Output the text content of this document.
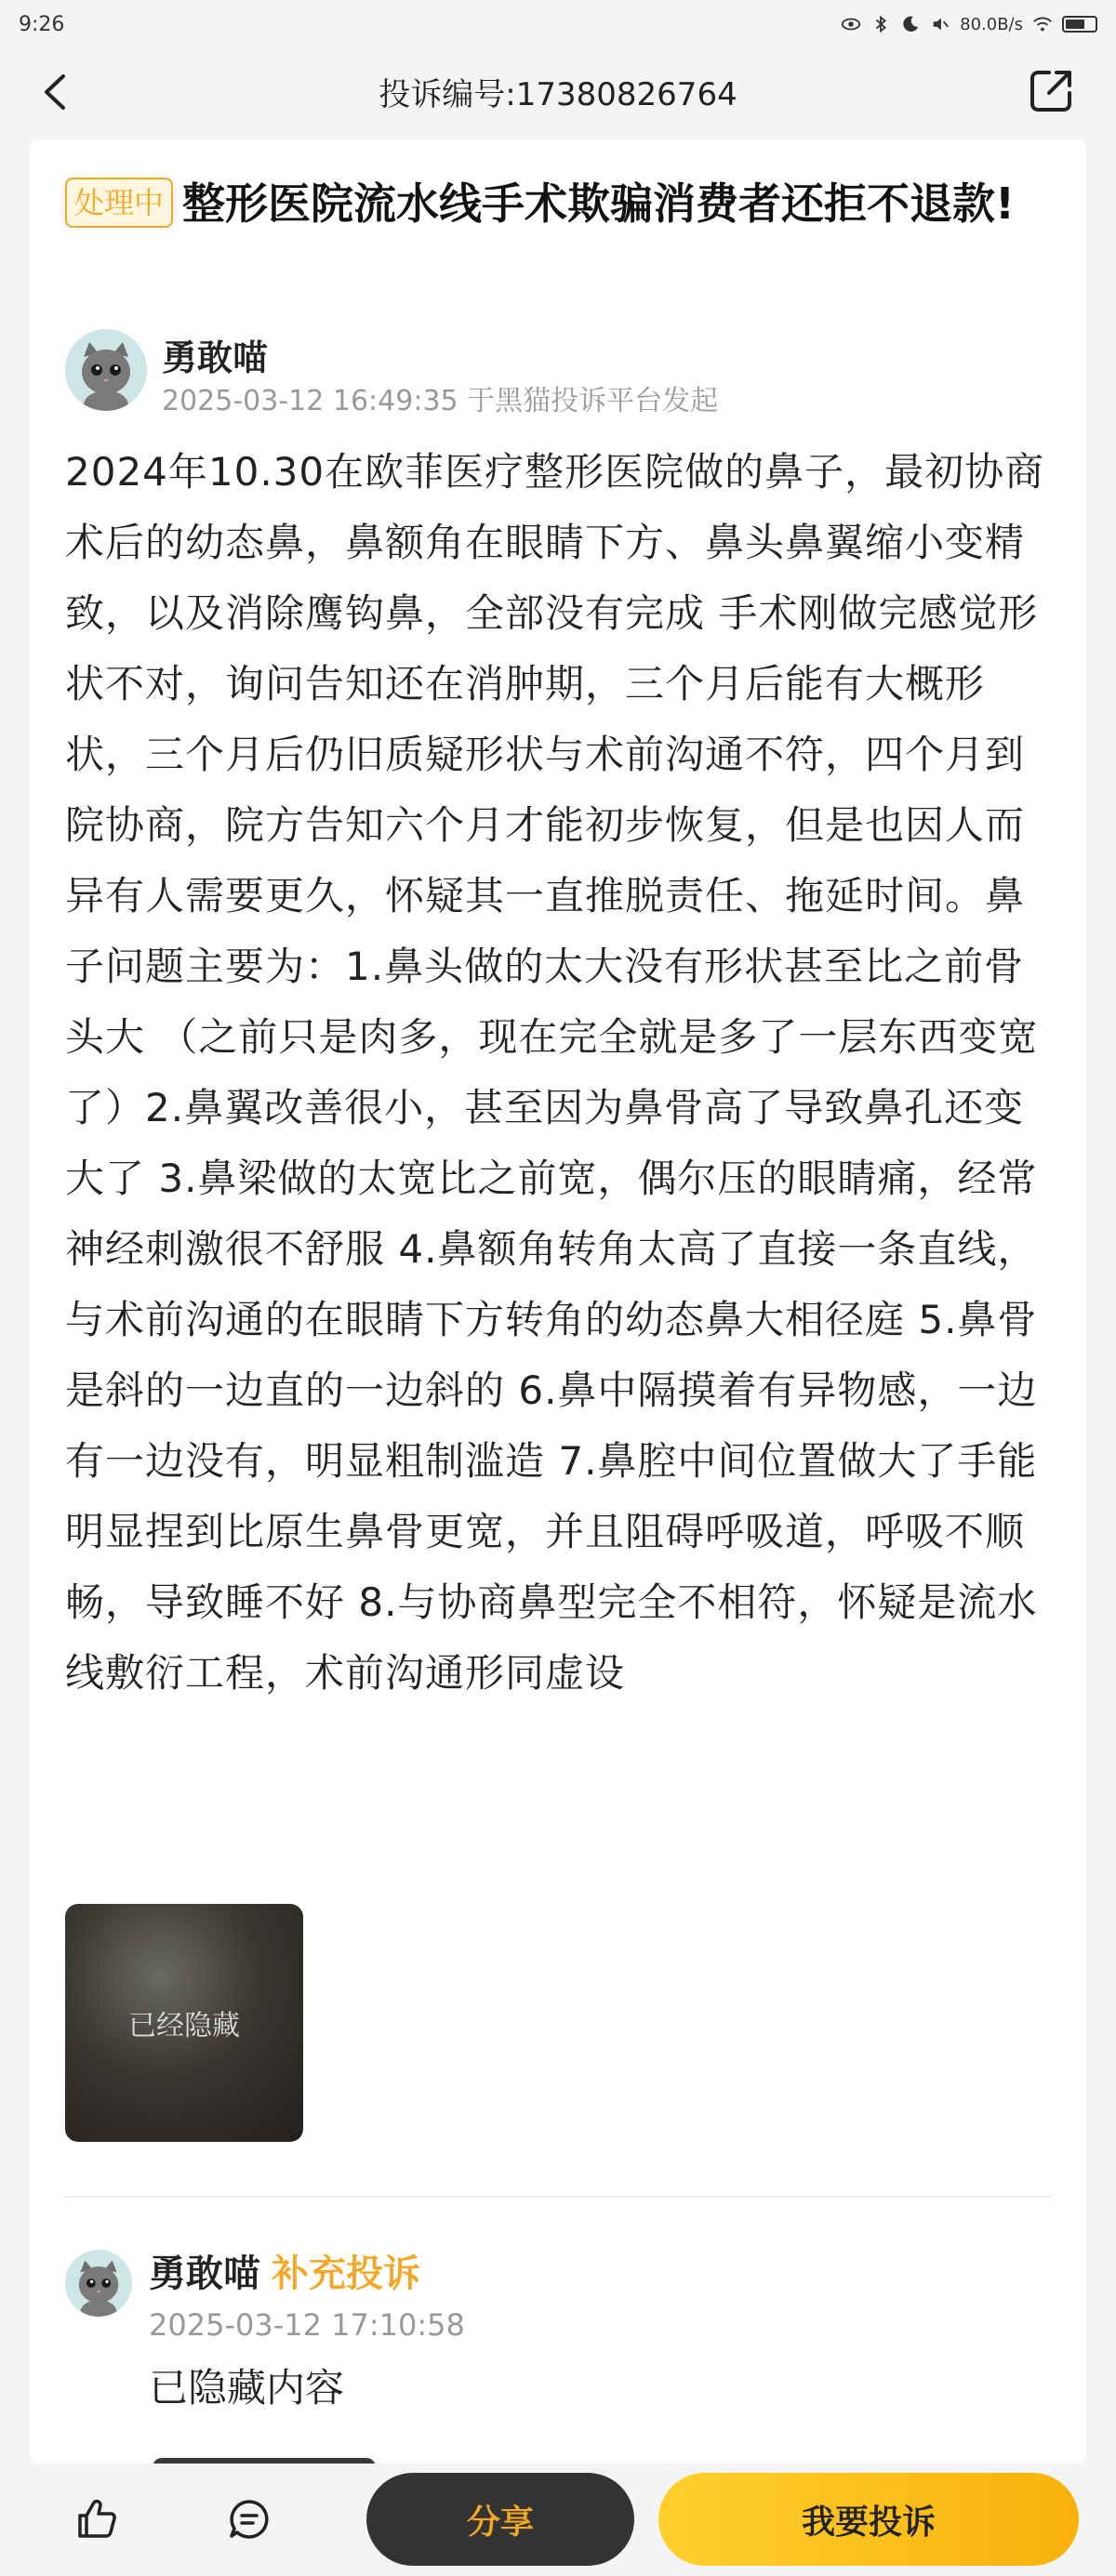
9:26	80.0B/s
投诉编号:17380826764
处理中 整形医院流水线手术欺骗消费者还拒不退款!
勇敢喵
2025-03-12 16:49:35 于黑猫投诉平台发起
2024年10.30在欧菲医疗整形医院做的鼻子，最初协商术后的幼态鼻，鼻额角在眼睛下方、鼻头鼻翼缩小变精致，以及消除鹰钩鼻，全部没有完成 手术刚做完感觉形状不对，询问告知还在消肿期，三个月后能有大概形状，三个月后仍旧质疑形状与术前沟通不符，四个月到院协商，院方告知六个月才能初步恢复，但是也因人而异有人需要更久，怀疑其一直推脱责任、拖延时间。鼻子问题主要为：1.鼻头做的太大没有形状甚至比之前骨头大 （之前只是肉多，现在完全就是多了一层东西变宽了）2.鼻翼改善很小，甚至因为鼻骨高了导致鼻孔还变大了 3.鼻梁做的太宽比之前宽，偶尔压的眼睛痛，经常神经刺激很不舒服 4.鼻额角转角太高了直接一条直线，与术前沟通的在眼睛下方转角的幼态鼻大相径庭 5.鼻骨是斜的一边直的一边斜的 6.鼻中隔摸着有异物感，一边有一边没有，明显粗制滥造 7.鼻腔中间位置做大了手能明显捏到比原生鼻骨更宽，并且阻碍呼吸道，呼吸不顺畅，导致睡不好 8.与协商鼻型完全不相符，怀疑是流水线敷衍工程，术前沟通形同虚设
已经隐藏
勇敢喵 补充投诉
2025-03-12 17:10:58
已隐藏内容
分享	我要投诉
